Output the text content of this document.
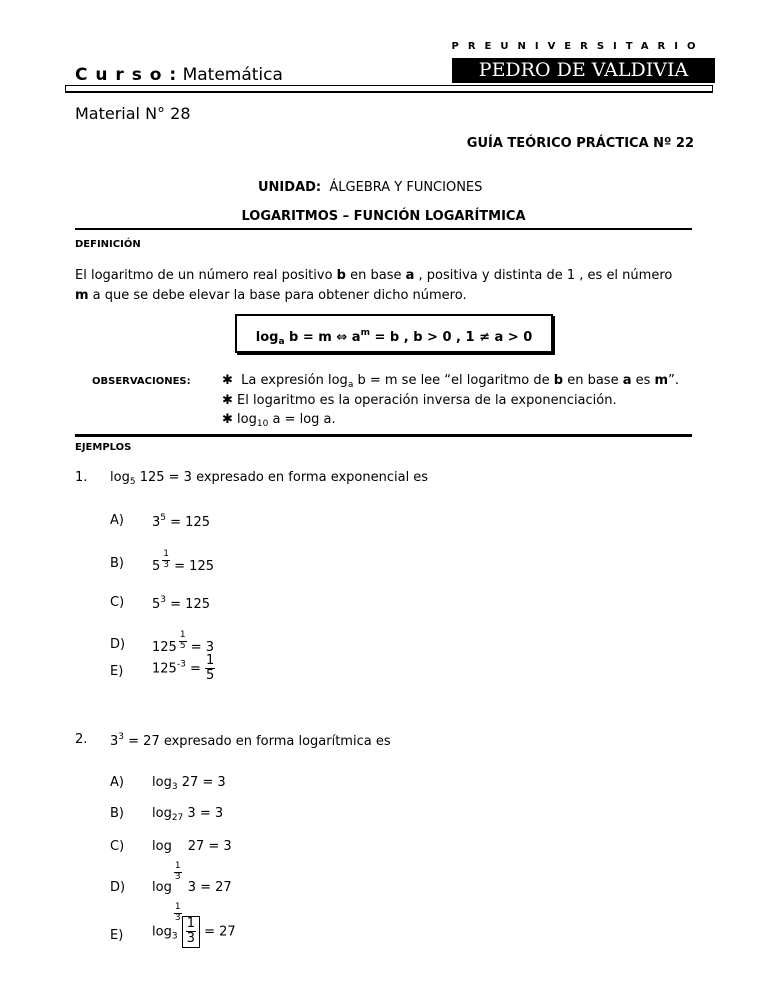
C u r s o : Matemática
PREUNIVERSITARIO
PEDRO DE VALDIVIA
Material N° 28
GUÍA TEÓRICO PRÁCTICA Nº 22
UNIDAD: ÁLGEBRA Y FUNCIONES
LOGARITMOS – FUNCIÓN LOGARÍTMICA
DEFINICIÓN
El logaritmo de un número real positivo b en base a , positiva y distinta de 1 , es el número
m a que se debe elevar la base para obtener dicho número.
$\log_a b = m$ ⇔ $a^m = b$ , b > 0 , 1 ≠ a > 0
OBSERVACIONES: ✱ La expresión $\log_a b = m$ se lee “el logaritmo de b en base a es m”.
✱ El logaritmo es la operación inversa de la exponenciación.
✱ $\log_{10} a = \log a$.
EJEMPLOS
1. $\log_5 125 = 3$ expresado en forma exponencial es
A) $3^5 = 125$
B) $5 \frac{1}{3} = 125$
C) $5^3 = 125$
D) $125 \frac{1}{5} = 3$
E) $125^{-3} = \frac{1}{5}$
2. $3^3 = 27$ expresado en forma logarítmica es
A) $\log_3 27 = 3$
B) $\log_{27} 3 = 3$
C) log
$\frac{1}{3}$
27 = 3
D) log
$\frac{1}{3}$
3 = 27
E) $\log_3 \frac{1}{3} = 27$
